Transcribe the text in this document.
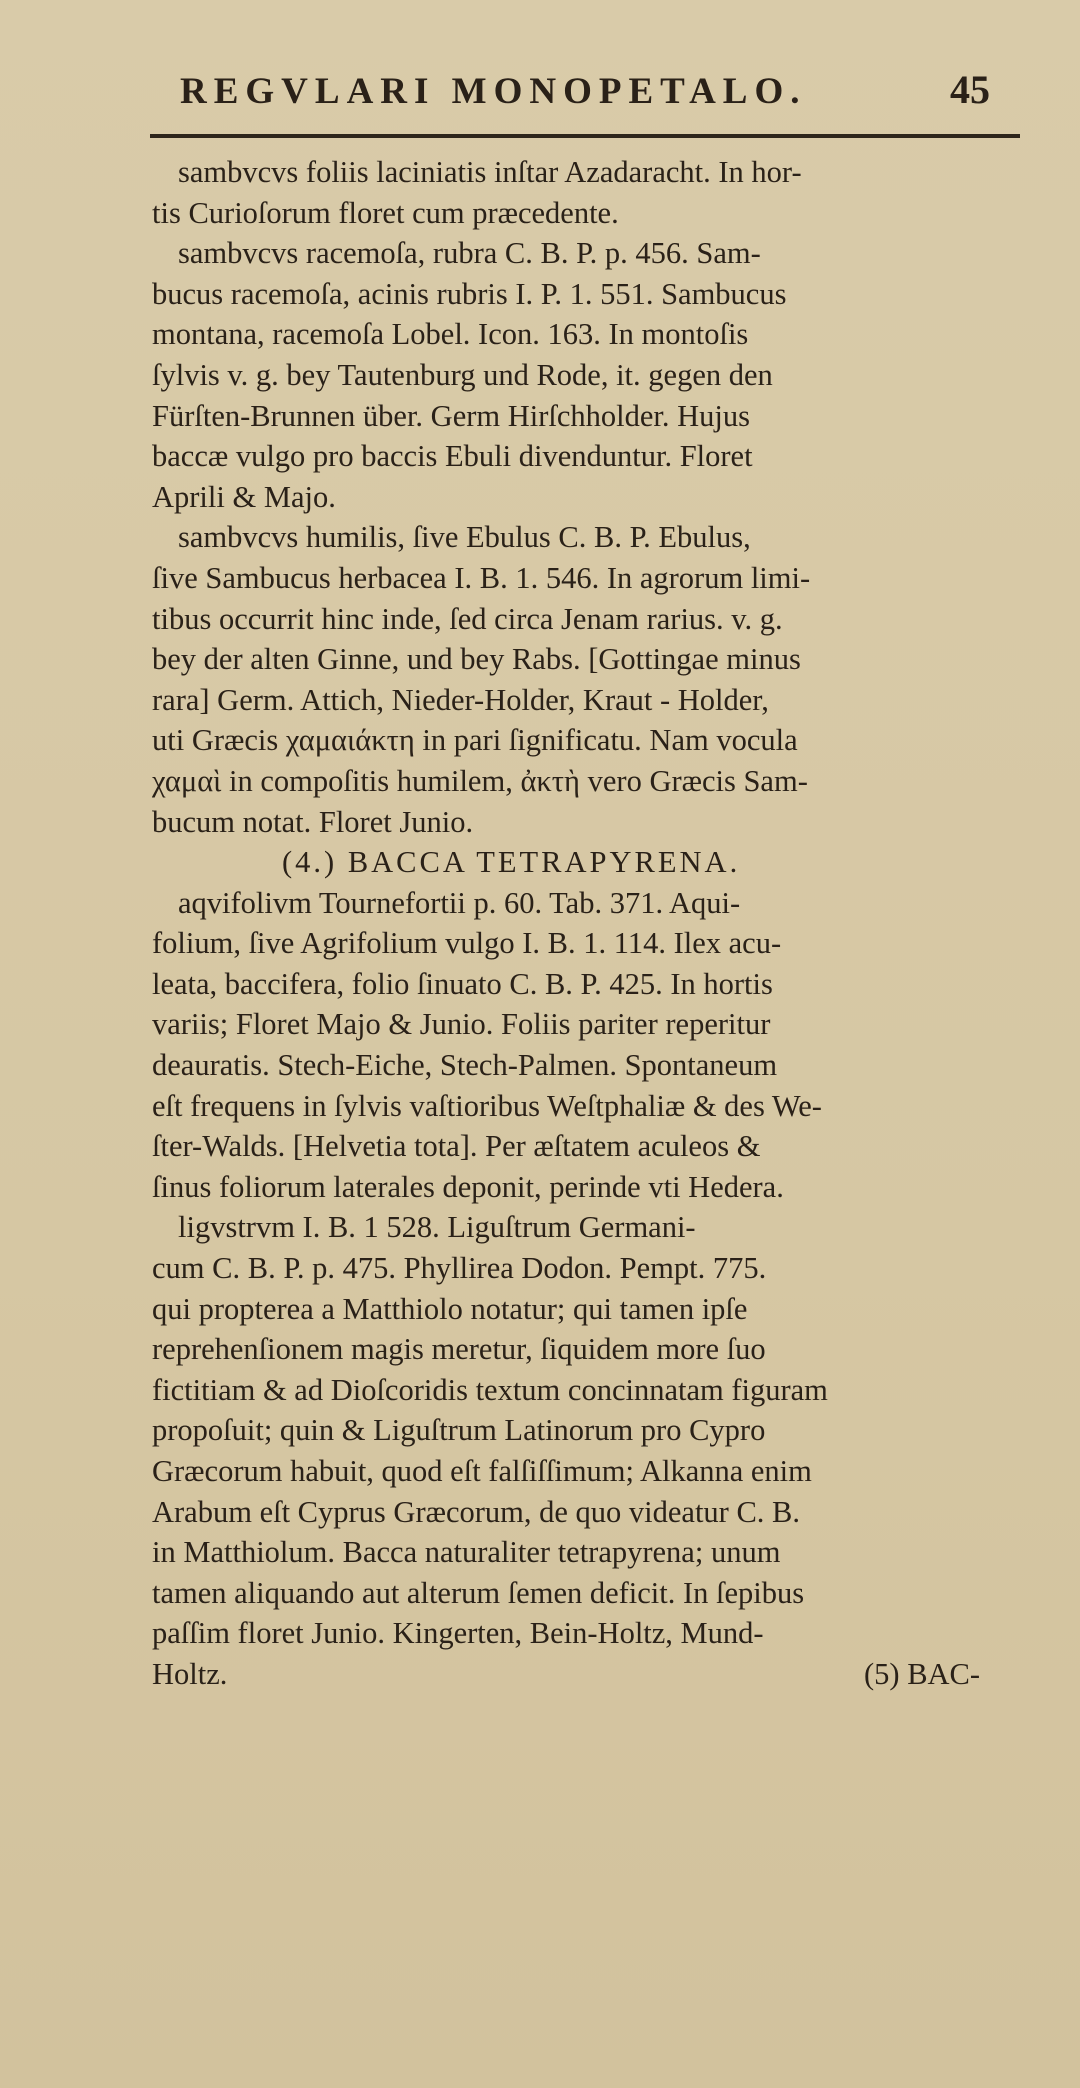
REGVLARI MONOPETALO.	45
sambvcvs foliis laciniatis inſtar Azadaracht. In hor-
tis Curioſorum floret cum præcedente.
sambvcvs racemoſa, rubra C. B. P. p. 456. Sam-
bucus racemoſa, acinis rubris I. P. 1. 551. Sambucus
montana, racemoſa Lobel. Icon. 163. In montoſis
ſylvis v. g. bey Tautenburg und Rode, it. gegen den
Fürſten-Brunnen über. Germ Hirſchholder. Hujus
baccæ vulgo pro baccis Ebuli divenduntur. Floret
Aprili & Majo.
sambvcvs humilis, ſive Ebulus C. B. P. Ebulus,
ſive Sambucus herbacea I. B. 1. 546. In agrorum limi-
tibus occurrit hinc inde, ſed circa Jenam rarius. v. g.
bey der alten Ginne, und bey Rabs. [Gottingae minus
rara] Germ. Attich, Nieder-Holder, Kraut - Holder,
uti Græcis χαμαιάκτη in pari ſignificatu. Nam vocula
χαμαὶ in compoſitis humilem, ἀκτὴ vero Græcis Sam-
bucum notat. Floret Junio.
(4.) BACCA TETRAPYRENA.
aqvifolivm Tournefortii p. 60. Tab. 371. Aqui-
folium, ſive Agrifolium vulgo I. B. 1. 114. Ilex acu-
leata, baccifera, folio ſinuato C. B. P. 425. In hortis
variis; Floret Majo & Junio. Foliis pariter reperitur
deauratis. Stech-Eiche, Stech-Palmen. Spontaneum
eſt frequens in ſylvis vaſtioribus Weſtphaliæ & des We-
ſter-Walds. [Helvetia tota]. Per æſtatem aculeos &
ſinus foliorum laterales deponit, perinde vti Hedera.
ligvstrvm I. B. 1 528. Liguſtrum Germani-
cum C. B. P. p. 475. Phyllirea Dodon. Pempt. 775.
qui propterea a Matthiolo notatur; qui tamen ipſe
reprehenſionem magis meretur, ſiquidem more ſuo
fictitiam & ad Dioſcoridis textum concinnatam figuram
propoſuit; quin & Liguſtrum Latinorum pro Cypro
Græcorum habuit, quod eſt falſiſſimum; Alkanna enim
Arabum eſt Cyprus Græcorum, de quo videatur C. B.
in Matthiolum. Bacca naturaliter tetrapyrena; unum
tamen aliquando aut alterum ſemen deficit. In ſepibus
paſſim floret Junio. Kingerten, Bein-Holtz, Mund-
Holtz.	(5) BAC-
